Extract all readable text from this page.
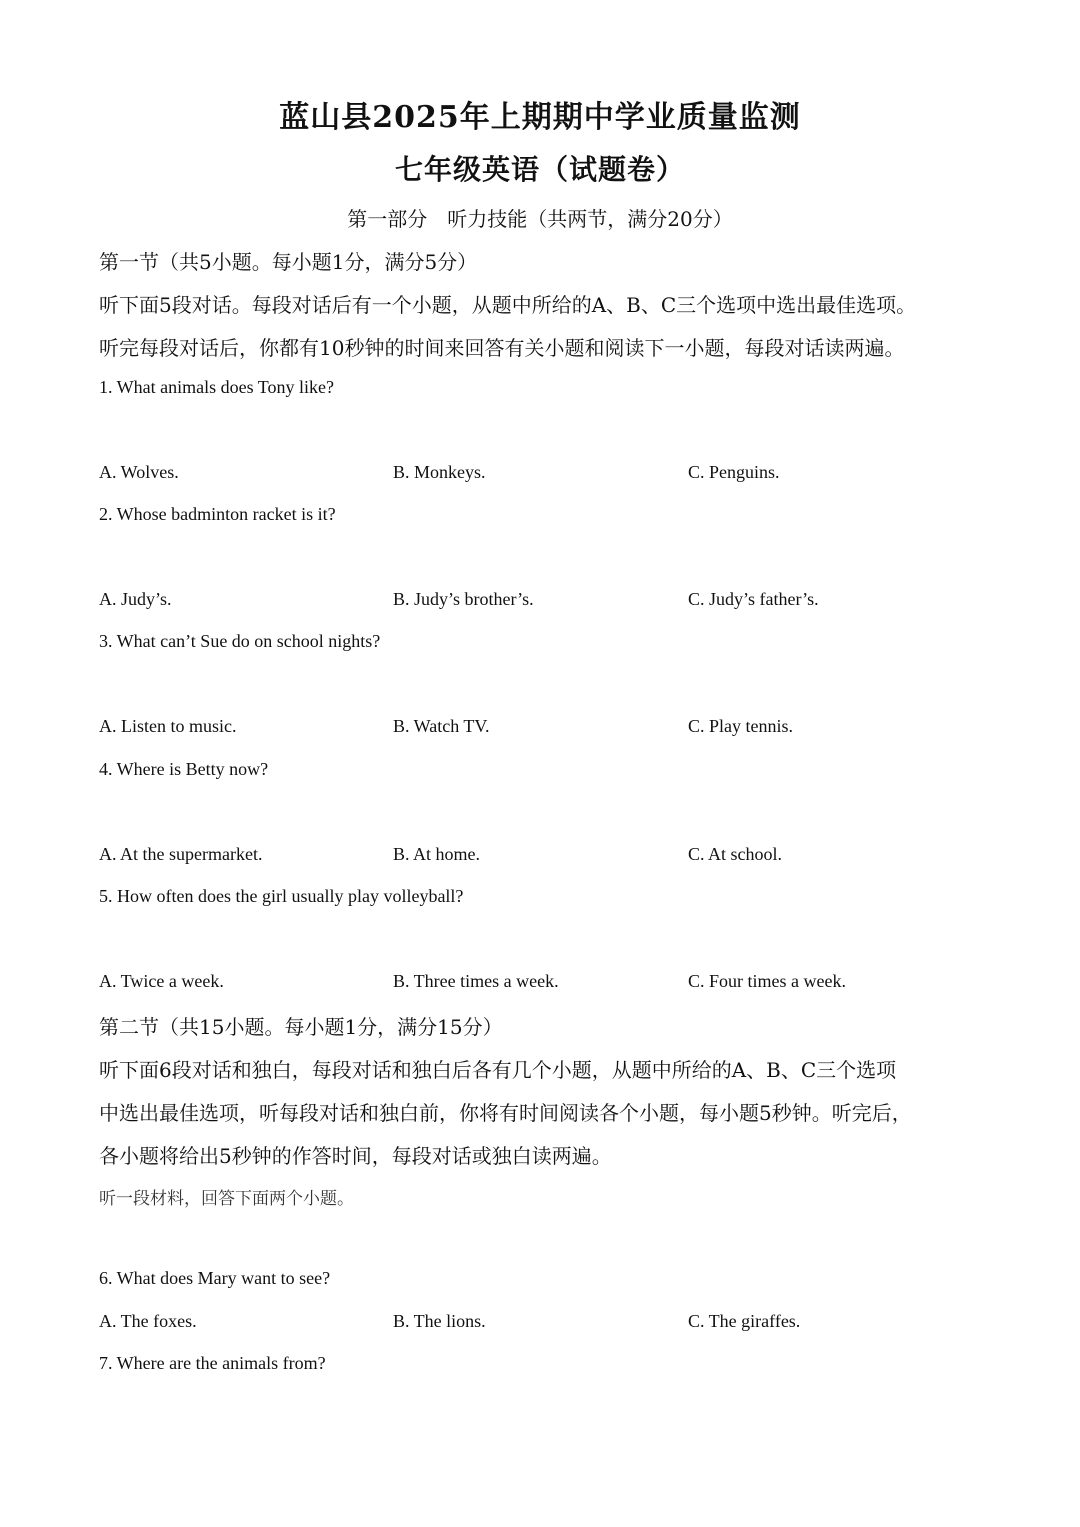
蓝山县2025年上期期中学业质量监测
七年级英语（试题卷）
第一部分　听力技能（共两节，满分20分）
第一节（共5小题。每小题1分，满分5分）
听下面5段对话。每段对话后有一个小题，从题中所给的A、B、C三个选项中选出最佳选项。
听完每段对话后，你都有10秒钟的时间来回答有关小题和阅读下一小题，每段对话读两遍。
1. What animals does Tony like?
A. Wolves.	B. Monkeys.	C. Penguins.
2. Whose badminton racket is it?
A. Judy’s.	B. Judy’s brother’s.	C. Judy’s father’s.
3. What can’t Sue do on school nights?
A. Listen to music.	B. Watch TV.	C. Play tennis.
4. Where is Betty now?
A. At the supermarket.	B. At home.	C. At school.
5. How often does the girl usually play volleyball?
A. Twice a week.	B. Three times a week.	C. Four times a week.
第二节（共15小题。每小题1分，满分15分）
听下面6段对话和独白，每段对话和独白后各有几个小题，从题中所给的A、B、C三个选项
中选出最佳选项，听每段对话和独白前，你将有时间阅读各个小题，每小题5秒钟。听完后，
各小题将给出5秒钟的作答时间，每段对话或独白读两遍。
听一段材料，回答下面两个小题。
6. What does Mary want to see?
A. The foxes.	B. The lions.	C. The giraffes.
7. Where are the animals from?
